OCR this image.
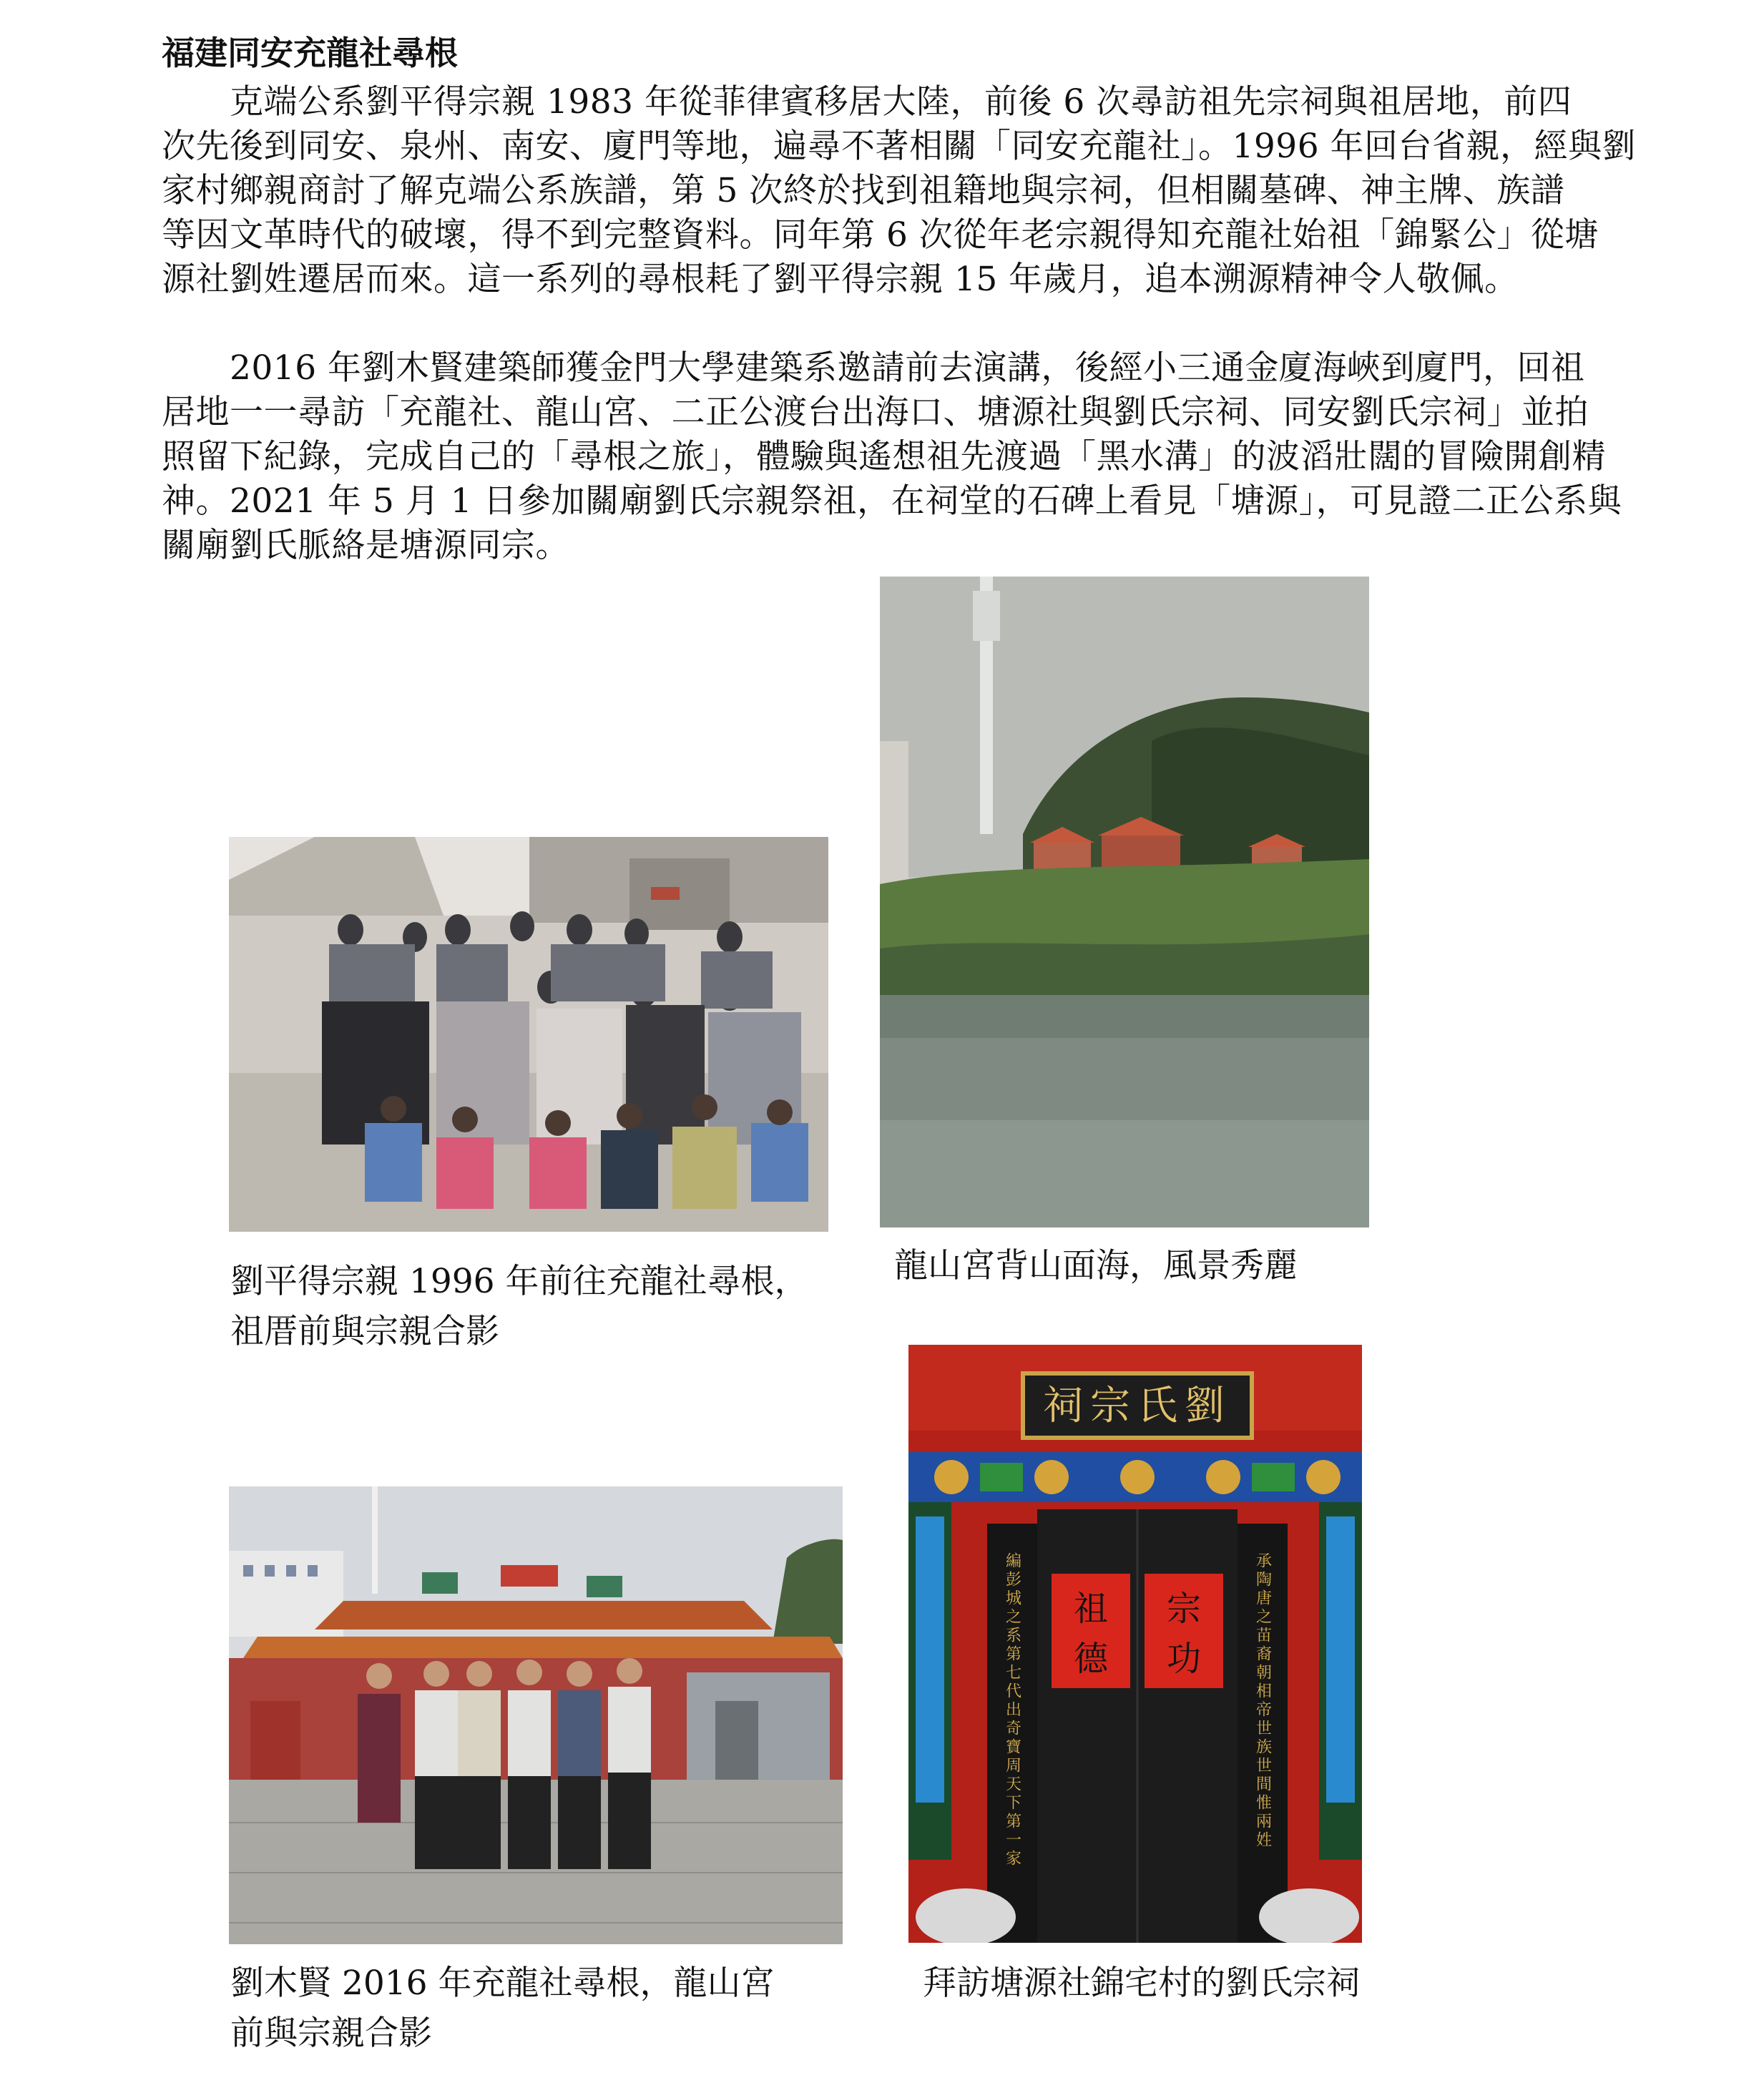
福建同安充龍社尋根

克端公系劉平得宗親 1983 年從菲律賓移居大陸，前後 6 次尋訪祖先宗祠與祖居地，前四
次先後到同安、泉州、南安、廈門等地，遍尋不著相關「同安充龍社」。1996 年回台省親，經與劉
家村鄉親商討了解克端公系族譜，第 5 次終於找到祖籍地與宗祠，但相關墓碑、神主牌、族譜
等因文革時代的破壞，得不到完整資料。同年第 6 次從年老宗親得知充龍社始祖「錦緊公」從塘
源社劉姓遷居而來。這一系列的尋根耗了劉平得宗親 15 年歲月，追本溯源精神令人敬佩。

2016 年劉木賢建築師獲金門大學建築系邀請前去演講，後經小三通金廈海峽到廈門，回祖
居地一一尋訪「充龍社、龍山宮、二正公渡台出海口、塘源社與劉氏宗祠、同安劉氏宗祠」並拍
照留下紀錄，完成自己的「尋根之旅」，體驗與遙想祖先渡過「黑水溝」的波滔壯闊的冒險開創精
神。2021 年 5 月 1 日參加關廟劉氏宗親祭祖，在祠堂的石碑上看見「塘源」，可見證二正公系與
關廟劉氏脈絡是塘源同宗。

祠宗氏劉
編彭城之系第七代出奇寶周天下第一家	承陶唐之苗裔朝相帝世族世間惟兩姓
祖
德
宗
功
劉平得宗親 1996 年前往充龍社尋根，
祖厝前與宗親合影
龍山宮背山面海，風景秀麗
劉木賢 2016 年充龍社尋根，龍山宮
前與宗親合影
拜訪塘源社錦宅村的劉氏宗祠
